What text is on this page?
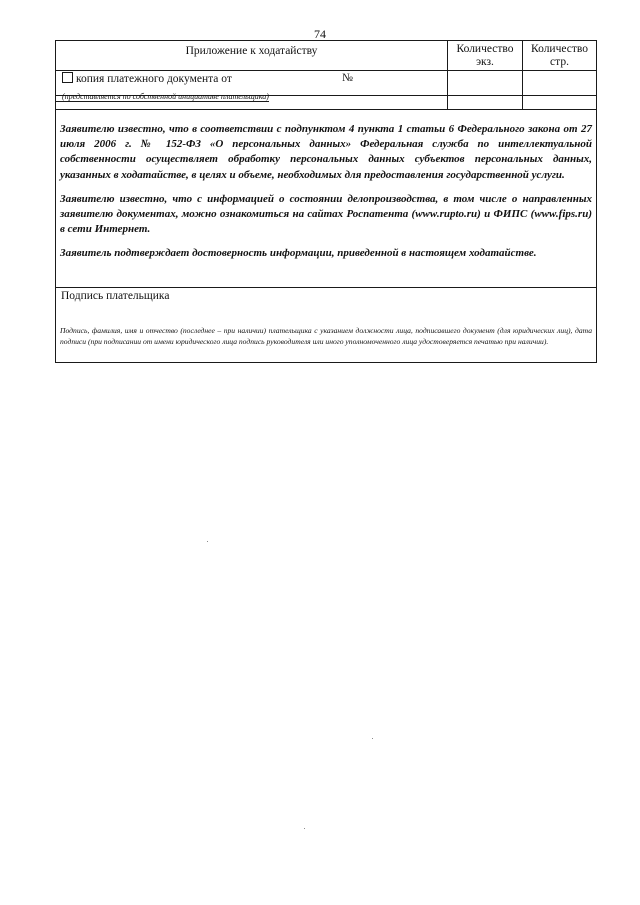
74
Приложение к ходатайству	Количество экз.
Количество стр.
копия платежного документа от	№
(представляется по собственной инициативе плательщика)

Заявителю известно, что в соответствии с подпунктом 4 пункта 1 статьи 6 Федерального закона от 27 июля 2006 г. № 152-ФЗ «О персональных данных» Федеральная служба по интеллектуальной собственности осуществляет обработку персональных данных субъектов персональных данных, указанных в ходатайстве, в целях и объеме, необходимых для предоставления государственной услуги.

Заявителю известно, что с информацией о состоянии делопроизводства, в том числе о направленных заявителю документах, можно ознакомиться на сайтах Роспатента (www.rupto.ru) и ФИПС (www.fips.ru) в сети Интернет.

Заявитель подтверждает достоверность информации, приведенной в настоящем ходатайстве.

Подпись плательщика
Подпись, фамилия, имя и отчество (последнее – при наличии) плательщика с указанием должности лица, подписавшего документ (для юридических лиц), дата подписи (при подписании от имени юридического лица подпись руководителя или иного уполномоченного лица удостоверяется печатью при наличии).
